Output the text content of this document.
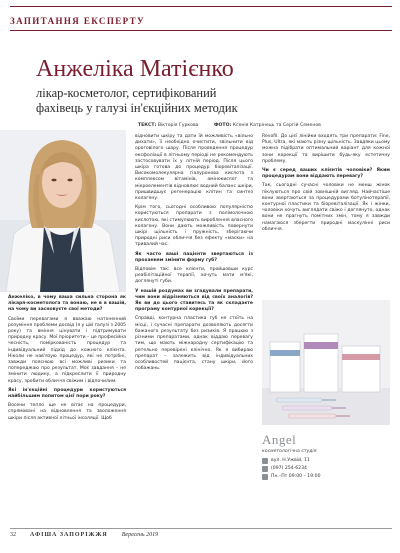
ЗАПИТАННЯ ЕКСПЕРТУ
Анжеліка Матієнко
лікар-косметолог, сертифікований фахівець у галузі ін'єкційних методик
ТЕКСТ: Вікторія Гуркова	ФОТО: Ксенія Катрінець та Сергій Семенов

Анжеліко, в чому ваша сильна сторона як лікаря-косметолога та вонаю, не в в вашій, на чому ви засновуєте свої методи?

Своїми перевагами я вважаю натхненний розуміння проблеми досвід (я у цій галузі з 2005 року) та вміння цінувати і підтримувати природну красу. Мої пріоритети – це професійна чесність, поміркованість процедур та індивідуальний підхід до кожного клієнта. Ніколи не нав'язую процедур, які не потрібні, завжди пояснюю всі можливі ризики та попереджаю про результат. Моє завдання – не змінити людину, а підкреслити її природну красу, зробити обличчя свіжим і відпочилим.

Які ін'єкційні процедури користуються найбільшим попитом цієї пори року?

Восени тепло ще не вітає на процедури, спрямовані на відновлення та зволоження шкіри після активної літньої інсоляції. Щоб

відновити шкіру та дати їй можливість «вільно дихати», її необхідно очистити, звільнити від ороговілого шару. Після проведення процедур ексфоліації в літньому періоді не рекомендують застосовувати їх у літній період. Після цього шкіра готова до процедур біоревіталізації. Високомолекулярна гіалуронова кислота з комплексом вітамінів, амінокислот та мікроелементів відновлює водний баланс шкіри, пришвидшує регенерацію клітин та синтез колагену.

Крім того, сьогодні особливою популярністю користуються препарати з полімолочною кислотою, які стимулюють вироблення власного колагену. Вони дають можливість повернути шкірі щільність і пружність, зберігаючи природні риси обличчя без ефекту «маски» на тривалий час.

Як часто ваші пацієнти звертаються із проханням змінити форму губ?

Відповім так: все клієнти, пройшовши курс реабілітаційної терапії, хочуть мати м'які, доглянуті губи.

У нашій роздумах ви згадували препарати, чим вони відрізняються від своїх аналогів? Як ви до цього ставитесь та як складаєте програму контурної корекції?

Справді, контурна пластика губ не стоїть на місці, і сучасні препарати дозволяють досягти бажаного результату без ризиків. Я працюю з різними препаратами, однак віддаю перевагу тим, що мають міжнародну сертифікацію та ретельно перевірені клінічно. Як я вибираю препарат – залежить від індивідуальних особливостей пацієнта, стану шкіри, його побажань.

Revofil. До цієї лінійки входять три препарати: Fine, Plus, Ultra, які мають різну щільність. Завдяки цьому можна підібрати оптимальний варіант для кожної зони корекції та вирішити будь-яку естетичну проблему.

Чи є серед ваших клієнтів чоловіки? Яким процедурам вони віддають перевагу?

Так, сьогодні сучасні чоловіки не менш жінок піклуються про свій зовнішній вигляд. Найчастіше вони звертаються за процедурами ботулінотерапії, контурної пластики та біоревіталізації. Як і жінки, чоловіки хочуть виглядати свіжо і доглянуто, однак вони не прагнуть помітних змін, тому я завжди намагаюся зберегти природні маскулінні риси обличчя.

Angel
косметологічна студія
вул. Н.Ужвій, 11
(097) 254-6234
Пн.–Пт 09:00 – 19:00
32 АФІША ЗАПОРІЖЖЯ Вересень 2019
